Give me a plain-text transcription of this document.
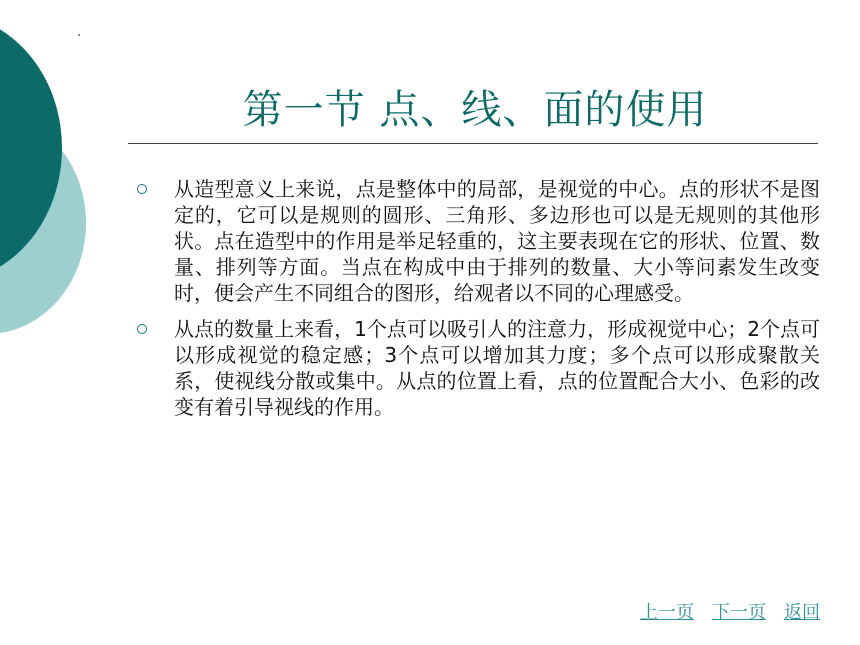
第一节 点、线、面的使用
从造型意义上来说，点是整体中的局部，是视觉的中心。点的形状不是图定的，它可以是规则的圆形、三角形、多边形也可以是无规则的其他形状。点在造型中的作用是举足轻重的，这主要表现在它的形状、位置、数量、排列等方面。当点在构成中由于排列的数量、大小等问素发生改变时，便会产生不同组合的图形，给观者以不同的心理感受。
从点的数量上来看，1个点可以吸引人的注意力，形成视觉中心；2个点可以形成视觉的稳定感；3个点可以增加其力度；多个点可以形成聚散关系，使视线分散或集中。从点的位置上看，点的位置配合大小、色彩的改变有着引导视线的作用。
上一页 下一页 返回
